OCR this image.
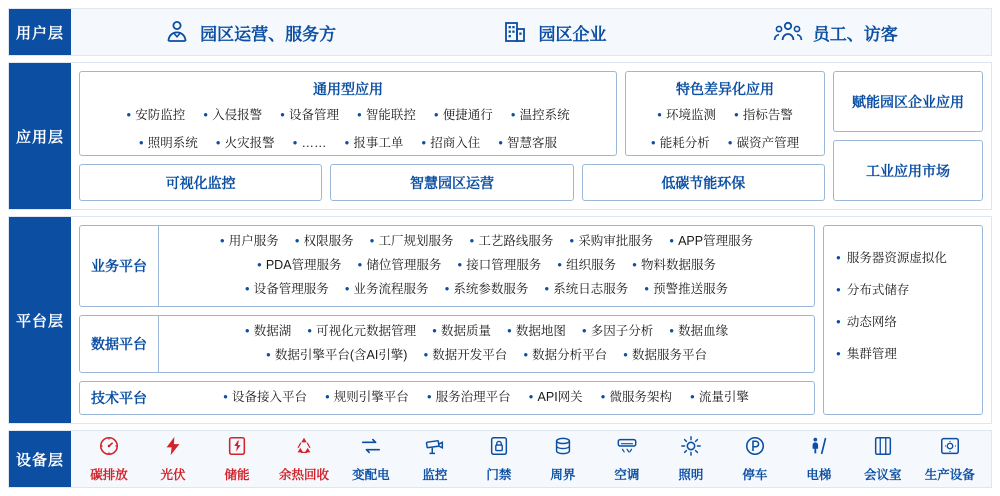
用户层	园区运营、服务方	园区企业	员工、访客
应用层
通用型应用
● 安防监控	● 入侵报警	● 设备管理	● 智能联控	● 便捷通行	● 温控系统
● 照明系统	● 火灾报警	● ……	● 报事工单	● 招商入住	● 智慧客服
特色差异化应用
● 环境监测	● 指标告警
● 能耗分析	● 碳资产管理
可视化监控	智慧园区运营	低碳节能环保
赋能园区企业应用
工业应用市场
平台层
业务平台
● 用户服务	● 权限服务	● 工厂规划服务	● 工艺路线服务	● 采购审批服务	● APP管理服务
● PDA管理服务	● 储位管理服务	● 接口管理服务	● 组织服务	● 物料数据服务
● 设备管理服务	● 业务流程服务	● 系统参数服务	● 系统日志服务	● 预警推送服务
数据平台
● 数据湖	● 可视化元数据管理	● 数据质量	● 数据地图	● 多因子分析	● 数据血缘
● 数据引擎平台(含AI引擎)	● 数据开发平台	● 数据分析平台	● 数据服务平台
技术平台	● 设备接入平台	● 规则引擎平台	● 服务治理平台	● API网关	● 微服务架构	● 流量引擎
● 服务器资源虚拟化
● 分布式储存
● 动态网络
● 集群管理
设备层
碳排放	光伏	储能 余热回收 变配电	监控	门禁	周界	空调	照明	停车	电梯	会议室 生产设备
